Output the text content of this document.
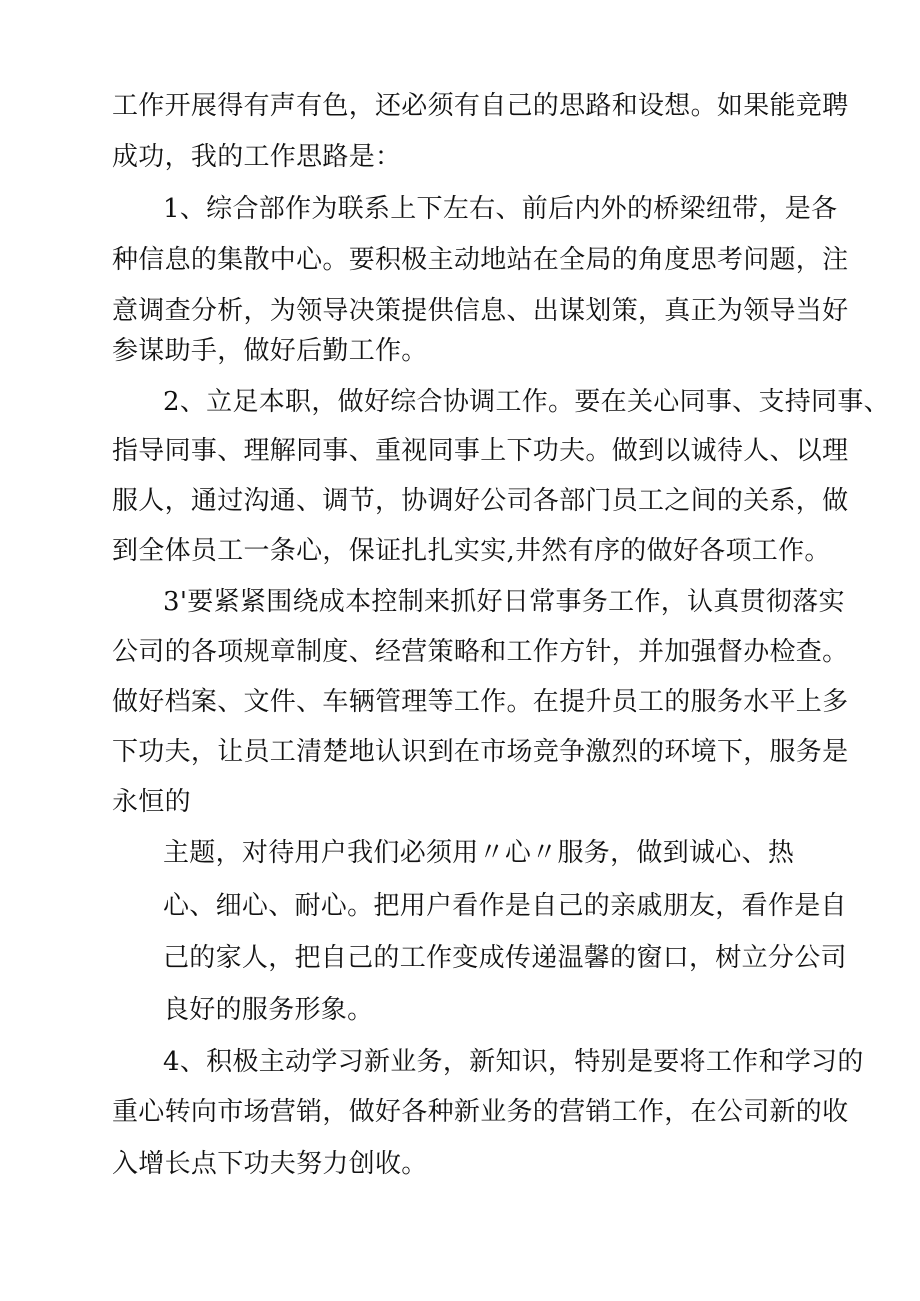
工作开展得有声有色，还必须有自己的思路和设想。如果能竞聘
成功，我的工作思路是：
1、综合部作为联系上下左右、前后内外的桥梁纽带，是各
种信息的集散中心。要积极主动地站在全局的角度思考问题，注
意调查分析，为领导决策提供信息、出谋划策，真正为领导当好
参谋助手，做好后勤工作。
2、立足本职，做好综合协调工作。要在关心同事、支持同事、
指导同事、理解同事、重视同事上下功夫。做到以诚待人、以理
服人，通过沟通、调节，协调好公司各部门员工之间的关系，做
到全体员工一条心，保证扎扎实实,井然有序的做好各项工作。
3'要紧紧围绕成本控制来抓好日常事务工作，认真贯彻落实
公司的各项规章制度、经营策略和工作方针，并加强督办检查。
做好档案、文件、车辆管理等工作。在提升员工的服务水平上多
下功夫，让员工清楚地认识到在市场竞争激烈的环境下，服务是
永恒的
主题，对待用户我们必须用〃心〃服务，做到诚心、热
心、细心、耐心。把用户看作是自己的亲戚朋友，看作是自
己的家人，把自己的工作变成传递温馨的窗口，树立分公司
良好的服务形象。
4、积极主动学习新业务，新知识，特别是要将工作和学习的
重心转向市场营销，做好各种新业务的营销工作，在公司新的收
入增长点下功夫努力创收。
